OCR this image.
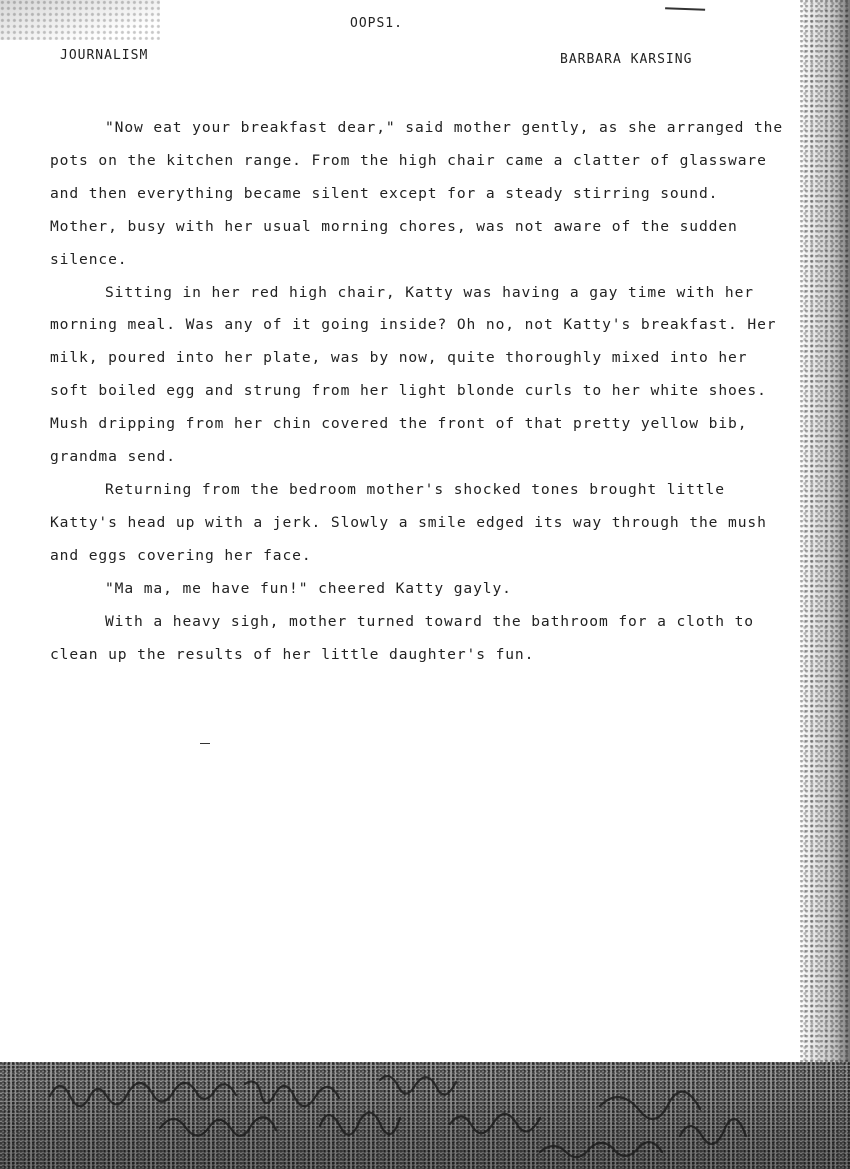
OOPS1.
JOURNALISM	BARBARA KARSING

"Now eat your breakfast dear," said mother gently, as she arranged the pots on the kitchen range. From the high chair came a clatter of glassware and then everything became silent except for a steady stirring sound. Mother, busy with her usual morning chores, was not aware of the sudden silence.

Sitting in her red high chair, Katty was having a gay time with her morning meal. Was any of it going inside? Oh no, not Katty's breakfast. Her milk, poured into her plate, was by now, quite thoroughly mixed into her soft boiled egg and strung from her light blonde curls to her white shoes. Mush dripping from her chin covered the front of that pretty yellow bib, grandma send.

Returning from the bedroom mother's shocked tones brought little Katty's head up with a jerk. Slowly a smile edged its way through the mush and eggs covering her face.

"Ma ma, me have fun!" cheered Katty gayly.

With a heavy sigh, mother turned toward the bathroom for a cloth to clean up the results of her little daughter's fun.
